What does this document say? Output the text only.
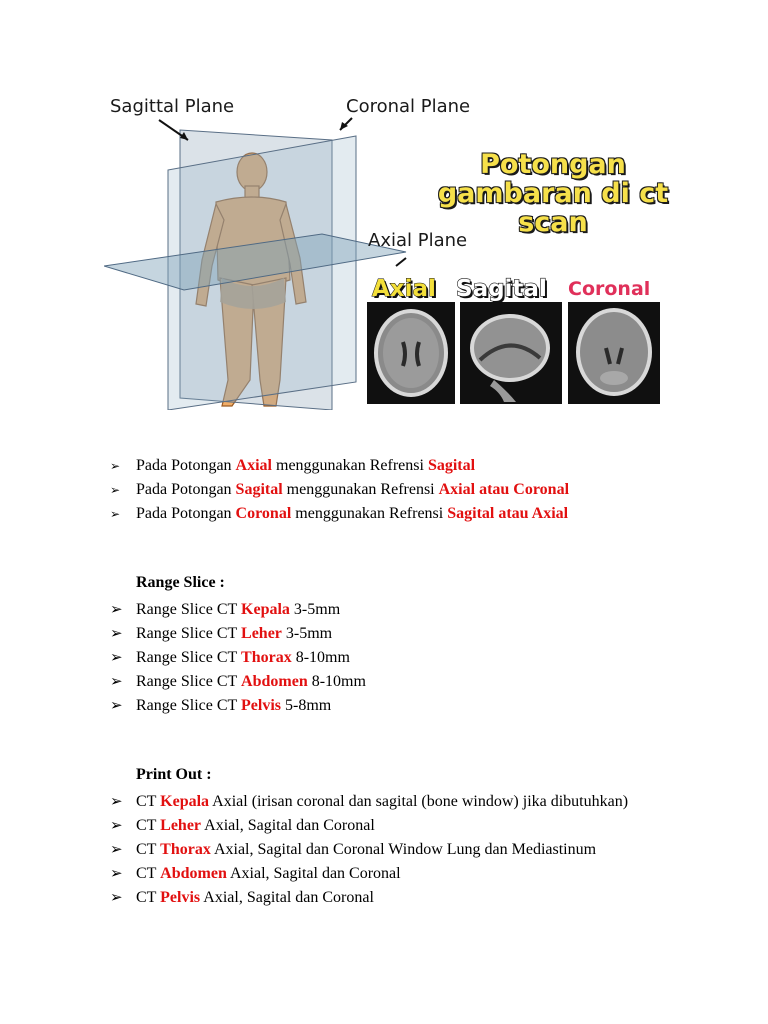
Sagittal Plane	Coronal Plane
Axial Plane
Potongan
gambaran di ct
scan
Axial Sagital Coronal
➢ Pada Potongan Axial menggunakan Refrensi Sagital
➢ Pada Potongan Sagital menggunakan Refrensi Axial atau Coronal
➢ Pada Potongan Coronal menggunakan Refrensi Sagital atau Axial
Range Slice :
➢ Range Slice CT Kepala 3-5mm
➢ Range Slice CT Leher 3-5mm
➢ Range Slice CT Thorax 8-10mm
➢ Range Slice CT Abdomen 8-10mm
➢ Range Slice CT Pelvis 5-8mm
Print Out :
➢ CT Kepala Axial (irisan coronal dan sagital (bone window) jika dibutuhkan)
➢ CT Leher Axial, Sagital dan Coronal
➢ CT Thorax Axial, Sagital dan Coronal Window Lung dan Mediastinum
➢ CT Abdomen Axial, Sagital dan Coronal
➢ CT Pelvis Axial, Sagital dan Coronal
